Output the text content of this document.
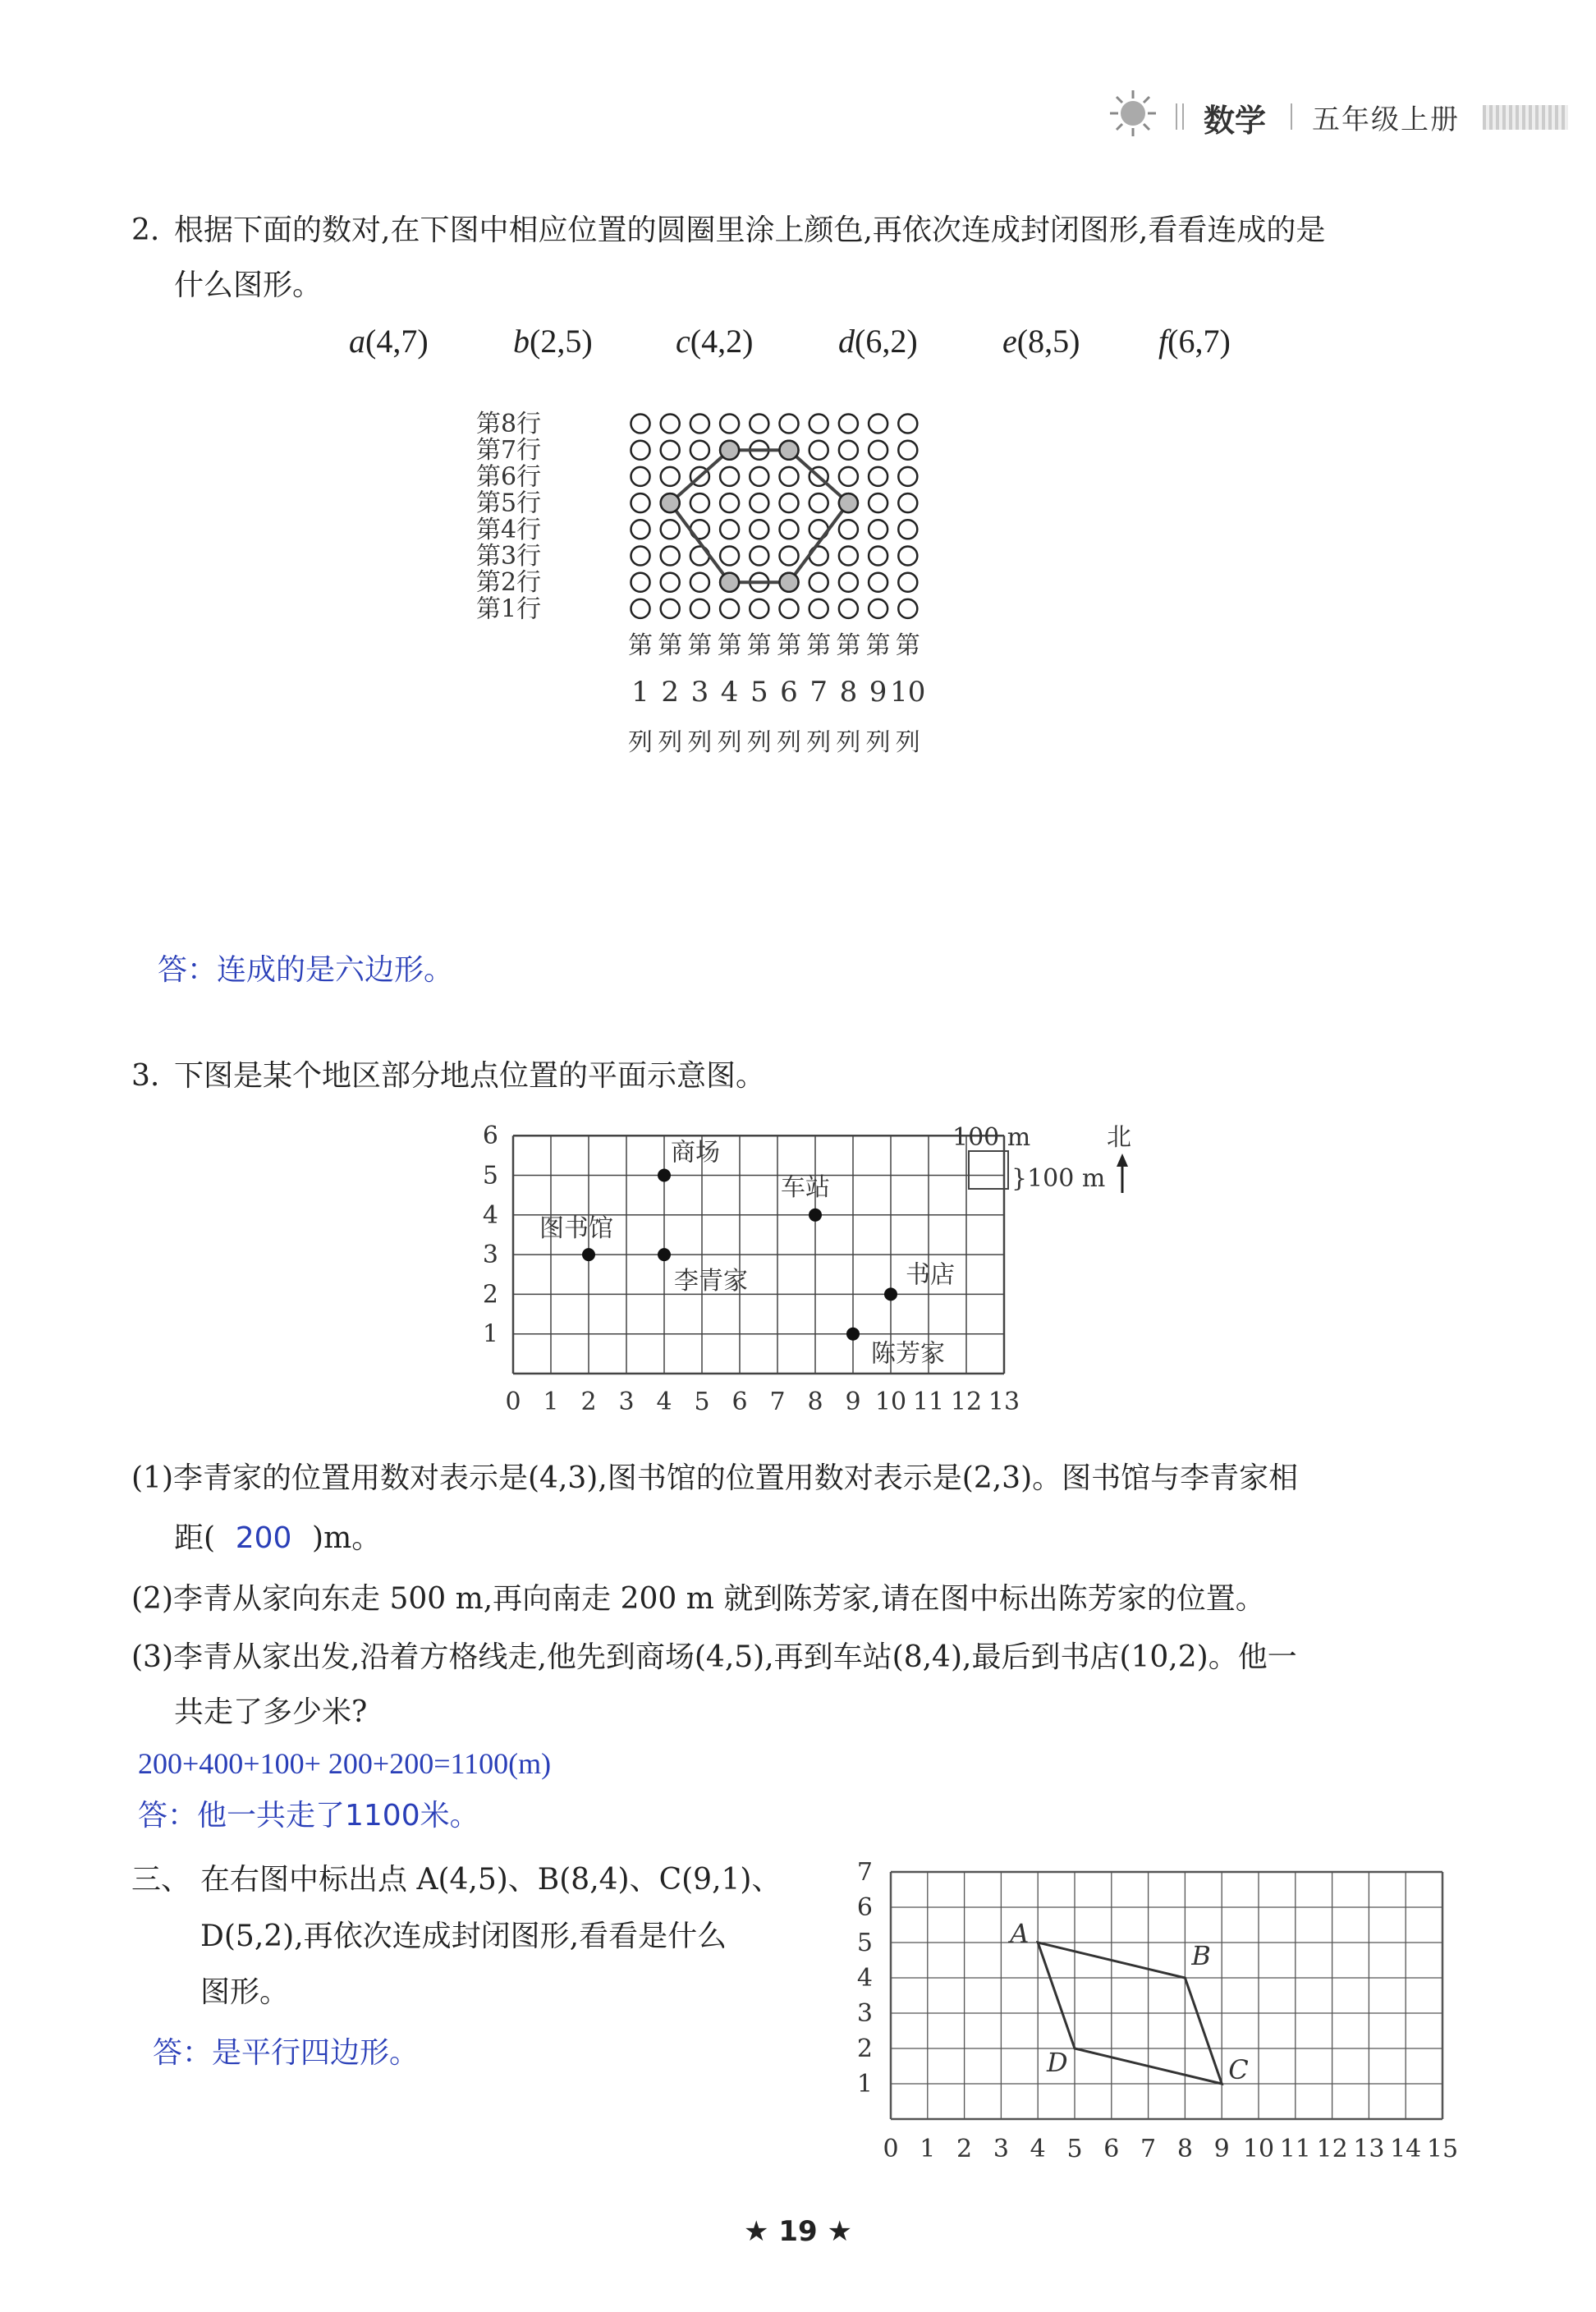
数学 五年级上册
2. 根据下面的数对,在下图中相应位置的圆圈里涂上颜色,再依次连成封闭图形,看看连成的是
什么图形。
a(4,7)	b(2,5)	c(4,2)	d(6,2)	e(8,5) f(6,7)
第8行
第7行
第6行
第5行
第4行
第3行
第2行
第1行
第
1
列
第
2
列
第
3
列
第
4
列
第
5
列
第
6
列
第
7
列
第
8
列
第
9
列
第
10
列
答：连成的是六边形。
3. 下图是某个地区部分地点位置的平面示意图。
0 1 2 3 4 5 6 7 8 9 10 11 12 13
1
2
3
4
5
6
图书馆
商场
李青家
车站
书店
陈芳家
100 m
}100 m
北
(1)李青家的位置用数对表示是(4,3),图书馆的位置用数对表示是(2,3)。图书馆与李青家相
距( 200 )m。
(2)李青从家向东走 500 m,再向南走 200 m 就到陈芳家,请在图中标出陈芳家的位置。
(3)李青从家出发,沿着方格线走,他先到商场(4,5),再到车站(8,4),最后到书店(10,2)。他一
共走了多少米?
200+400+100+ 200+200=1100(m)
答：他一共走了1100米。
三、 在右图中标出点 A(4,5)、B(8,4)、C(9,1)、
D(5,2),再依次连成封闭图形,看看是什么
图形。
答：是平行四边形。
0 1 2 3 4 5 6 7 8 9 10 11 12 13 14 15
1
2
3
4
5
6
7
A
B
C
D
★ 19 ★
